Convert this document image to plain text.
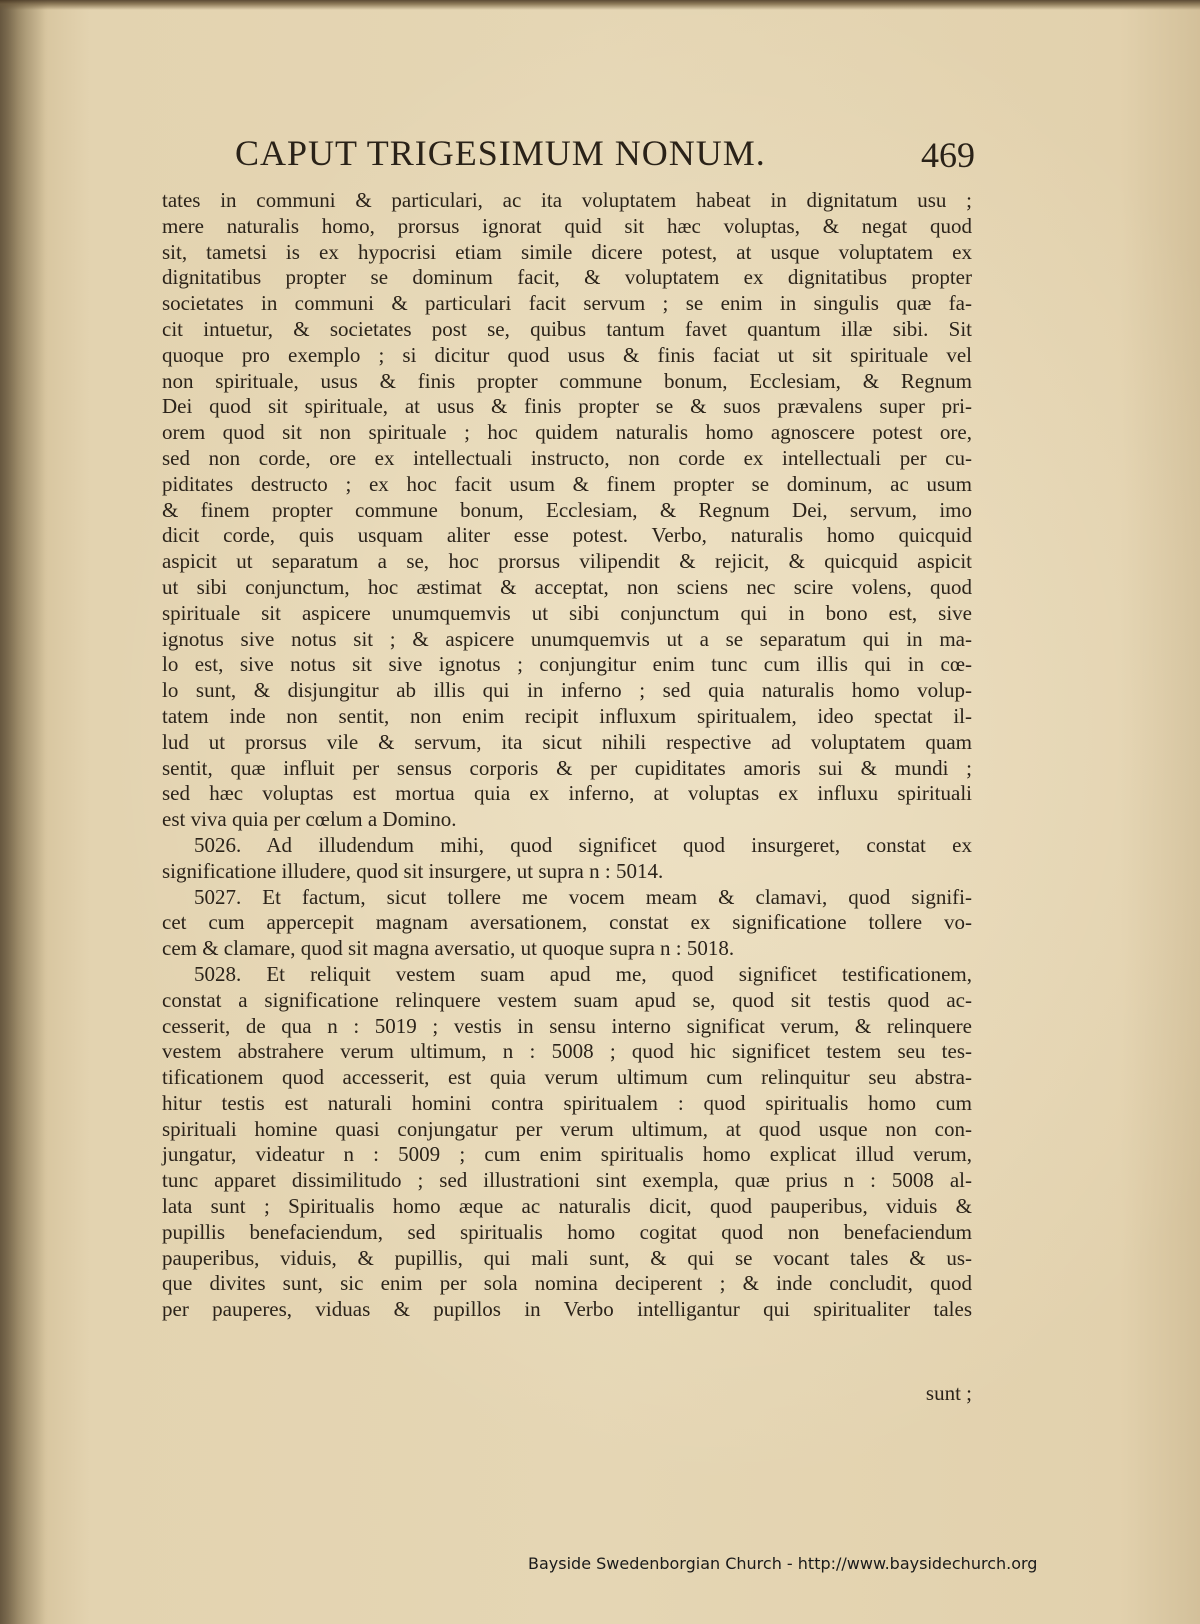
CAPUT TRIGESIMUM NONUM.	469
tates in communi & particulari, ac ita voluptatem habeat in dignitatum usu ;
mere naturalis homo, prorsus ignorat quid sit hæc voluptas, & negat quod
sit, tametsi is ex hypocrisi etiam simile dicere potest, at usque voluptatem ex
dignitatibus propter se dominum facit, & voluptatem ex dignitatibus propter
societates in communi & particulari facit servum ; se enim in singulis quæ fa-
cit intuetur, & societates post se, quibus tantum favet quantum illæ sibi. Sit
quoque pro exemplo ; si dicitur quod usus & finis faciat ut sit spirituale vel
non spirituale, usus & finis propter commune bonum, Ecclesiam, & Regnum
Dei quod sit spirituale, at usus & finis propter se & suos prævalens super pri-
orem quod sit non spirituale ; hoc quidem naturalis homo agnoscere potest ore,
sed non corde, ore ex intellectuali instructo, non corde ex intellectuali per cu-
piditates destructo ; ex hoc facit usum & finem propter se dominum, ac usum
& finem propter commune bonum, Ecclesiam, & Regnum Dei, servum, imo
dicit corde, quis usquam aliter esse potest. Verbo, naturalis homo quicquid
aspicit ut separatum a se, hoc prorsus vilipendit & rejicit, & quicquid aspicit
ut sibi conjunctum, hoc æstimat & acceptat, non sciens nec scire volens, quod
spirituale sit aspicere unumquemvis ut sibi conjunctum qui in bono est, sive
ignotus sive notus sit ; & aspicere unumquemvis ut a se separatum qui in ma-
lo est, sive notus sit sive ignotus ; conjungitur enim tunc cum illis qui in cœ-
lo sunt, & disjungitur ab illis qui in inferno ; sed quia naturalis homo volup-
tatem inde non sentit, non enim recipit influxum spiritualem, ideo spectat il-
lud ut prorsus vile & servum, ita sicut nihili respective ad voluptatem quam
sentit, quæ influit per sensus corporis & per cupiditates amoris sui & mundi ;
sed hæc voluptas est mortua quia ex inferno, at voluptas ex influxu spirituali
est viva quia per cœlum a Domino.
5026. Ad illudendum mihi, quod significet quod insurgeret, constat ex
significatione illudere, quod sit insurgere, ut supra n : 5014.
5027. Et factum, sicut tollere me vocem meam & clamavi, quod signifi-
cet cum appercepit magnam aversationem, constat ex significatione tollere vo-
cem & clamare, quod sit magna aversatio, ut quoque supra n : 5018.
5028. Et reliquit vestem suam apud me, quod significet testificationem,
constat a significatione relinquere vestem suam apud se, quod sit testis quod ac-
cesserit, de qua n : 5019 ; vestis in sensu interno significat verum, & relinquere
vestem abstrahere verum ultimum, n : 5008 ; quod hic significet testem seu tes-
tificationem quod accesserit, est quia verum ultimum cum relinquitur seu abstra-
hitur testis est naturali homini contra spiritualem : quod spiritualis homo cum
spirituali homine quasi conjungatur per verum ultimum, at quod usque non con-
jungatur, videatur n : 5009 ; cum enim spiritualis homo explicat illud verum,
tunc apparet dissimilitudo ; sed illustrationi sint exempla, quæ prius n : 5008 al-
lata sunt ; Spiritualis homo æque ac naturalis dicit, quod pauperibus, viduis &
pupillis benefaciendum, sed spiritualis homo cogitat quod non benefaciendum
pauperibus, viduis, & pupillis, qui mali sunt, & qui se vocant tales & us-
que divites sunt, sic enim per sola nomina deciperent ; & inde concludit, quod
per pauperes, viduas & pupillos in Verbo intelligantur qui spiritualiter tales
sunt ;
Bayside Swedenborgian Church - http://www.baysidechurch.org
